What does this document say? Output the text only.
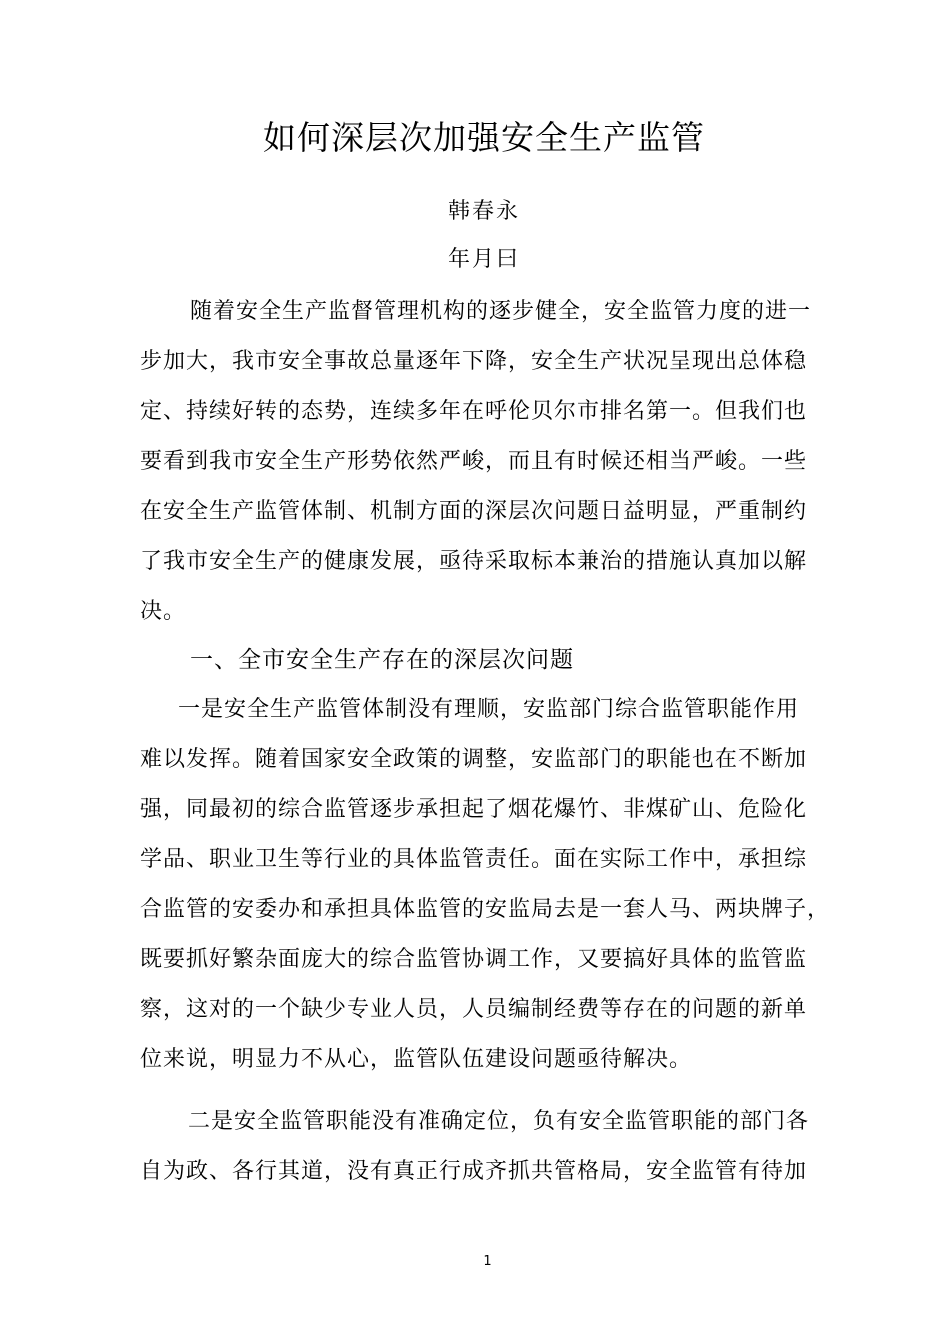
如何深层次加强安全生产监管
韩春永
年月曰
随着安全生产监督管理机构的逐步健全，安全监管力度的进一
步加大，我市安全事故总量逐年下降，安全生产状况呈现出总体稳
定、持续好转的态势，连续多年在呼伦贝尔市排名第一。但我们也
要看到我市安全生产形势依然严峻，而且有时候还相当严峻。一些
在安全生产监管体制、机制方面的深层次问题日益明显，严重制约
了我市安全生产的健康发展，亟待采取标本兼治的措施认真加以解
决。
一、全市安全生产存在的深层次问题
一是安全生产监管体制没有理顺，安监部门综合监管职能作用
难以发挥。随着国家安全政策的调整，安监部门的职能也在不断加
强，同最初的综合监管逐步承担起了烟花爆竹、非煤矿山、危险化
学品、职业卫生等行业的具体监管责任。面在实际工作中，承担综
合监管的安委办和承担具体监管的安监局去是一套人马、两块牌子，
既要抓好繁杂面庞大的综合监管协调工作，又要搞好具体的监管监
察，这对的一个缺少专业人员，人员编制经费等存在的问题的新单
位来说，明显力不从心，监管队伍建设问题亟待解决。
二是安全监管职能没有准确定位，负有安全监管职能的部门各
自为政、各行其道，没有真正行成齐抓共管格局，安全监管有待加
1
